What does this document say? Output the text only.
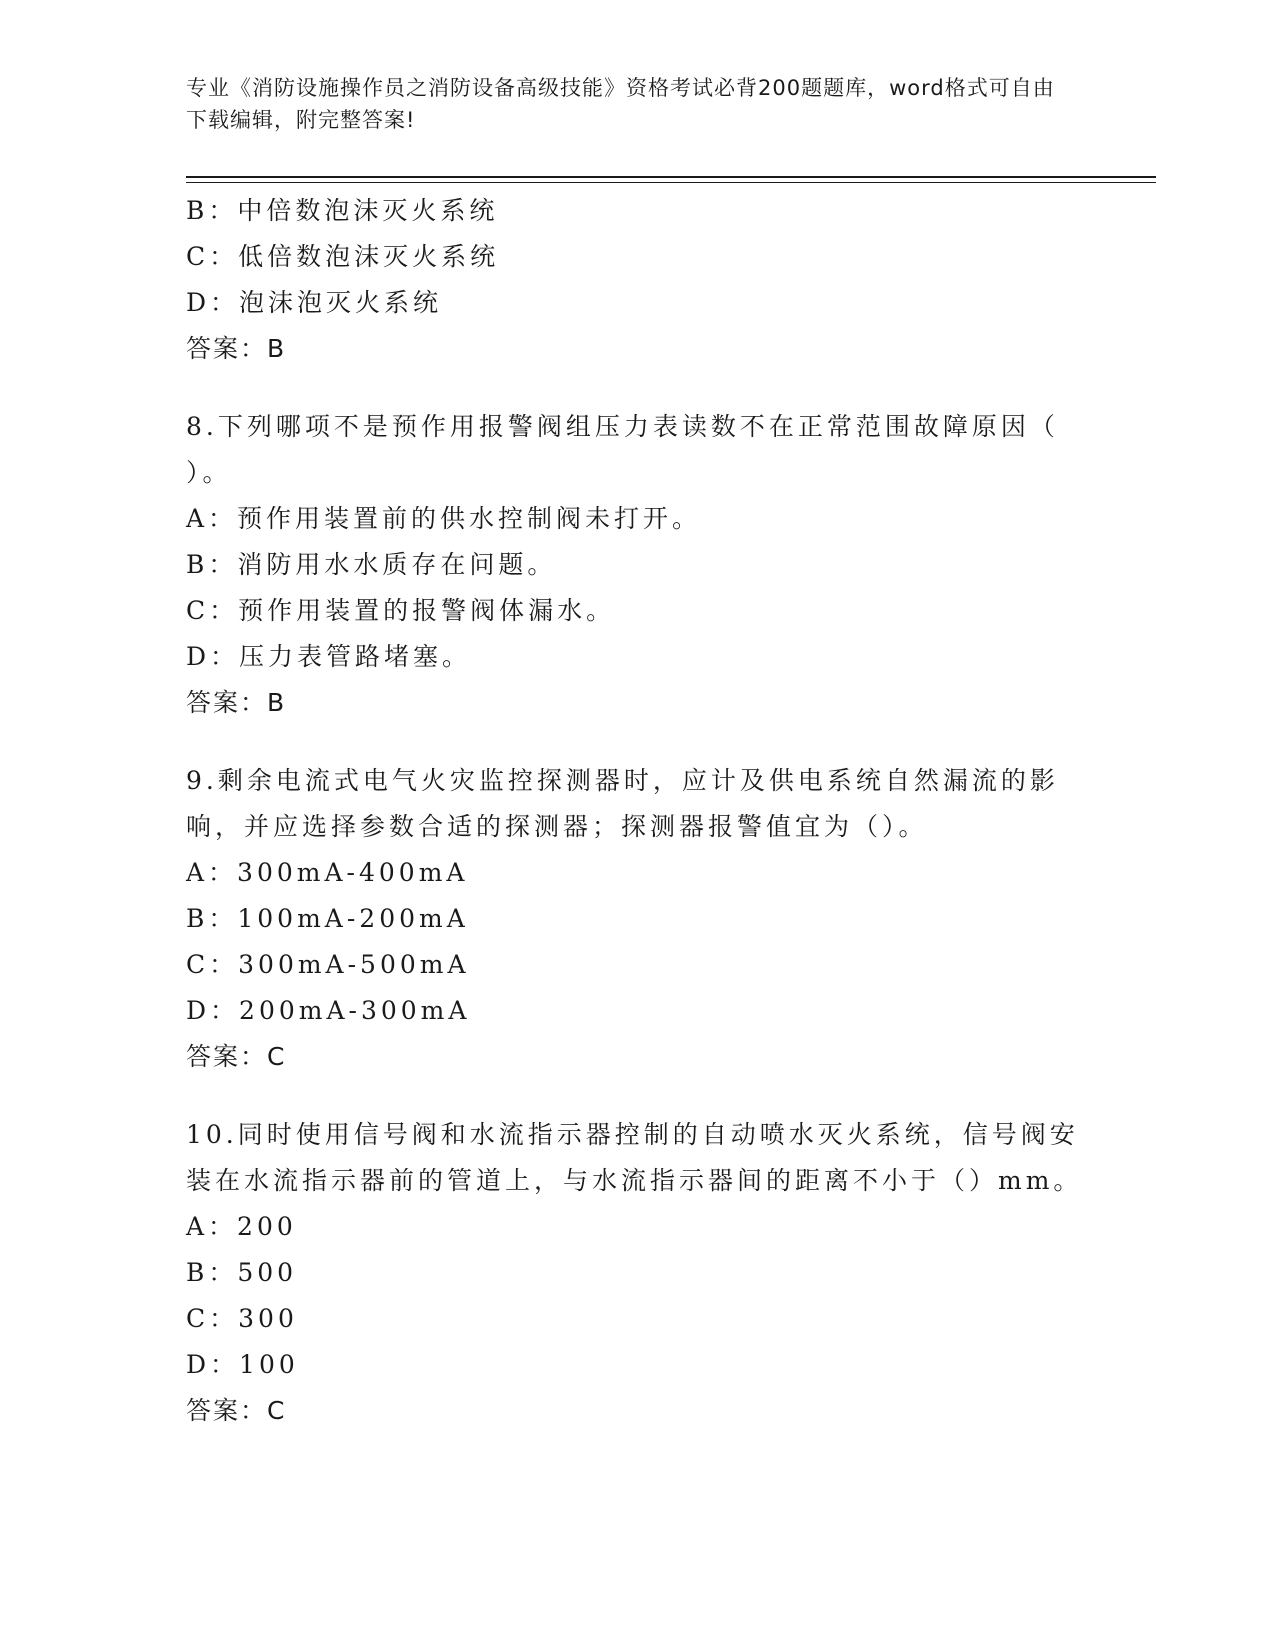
专业《消防设施操作员之消防设备高级技能》资格考试必背200题题库，word格式可自由下载编辑，附完整答案!
B：中倍数泡沫灭火系统
C：低倍数泡沫灭火系统
D：泡沫泡灭火系统
答案：B
8.下列哪项不是预作用报警阀组压力表读数不在正常范围故障原因（
）。
A：预作用装置前的供水控制阀未打开。
B：消防用水水质存在问题。
C：预作用装置的报警阀体漏水。
D：压力表管路堵塞。
答案：B
9.剩余电流式电气火灾监控探测器时，应计及供电系统自然漏流的影
响，并应选择参数合适的探测器；探测器报警值宜为（）。
A：300mA-400mA
B：100mA-200mA
C：300mA-500mA
D：200mA-300mA
答案：C
10.同时使用信号阀和水流指示器控制的自动喷水灭火系统，信号阀安
装在水流指示器前的管道上，与水流指示器间的距离不小于（）mm。
A：200
B：500
C：300
D：100
答案：C
